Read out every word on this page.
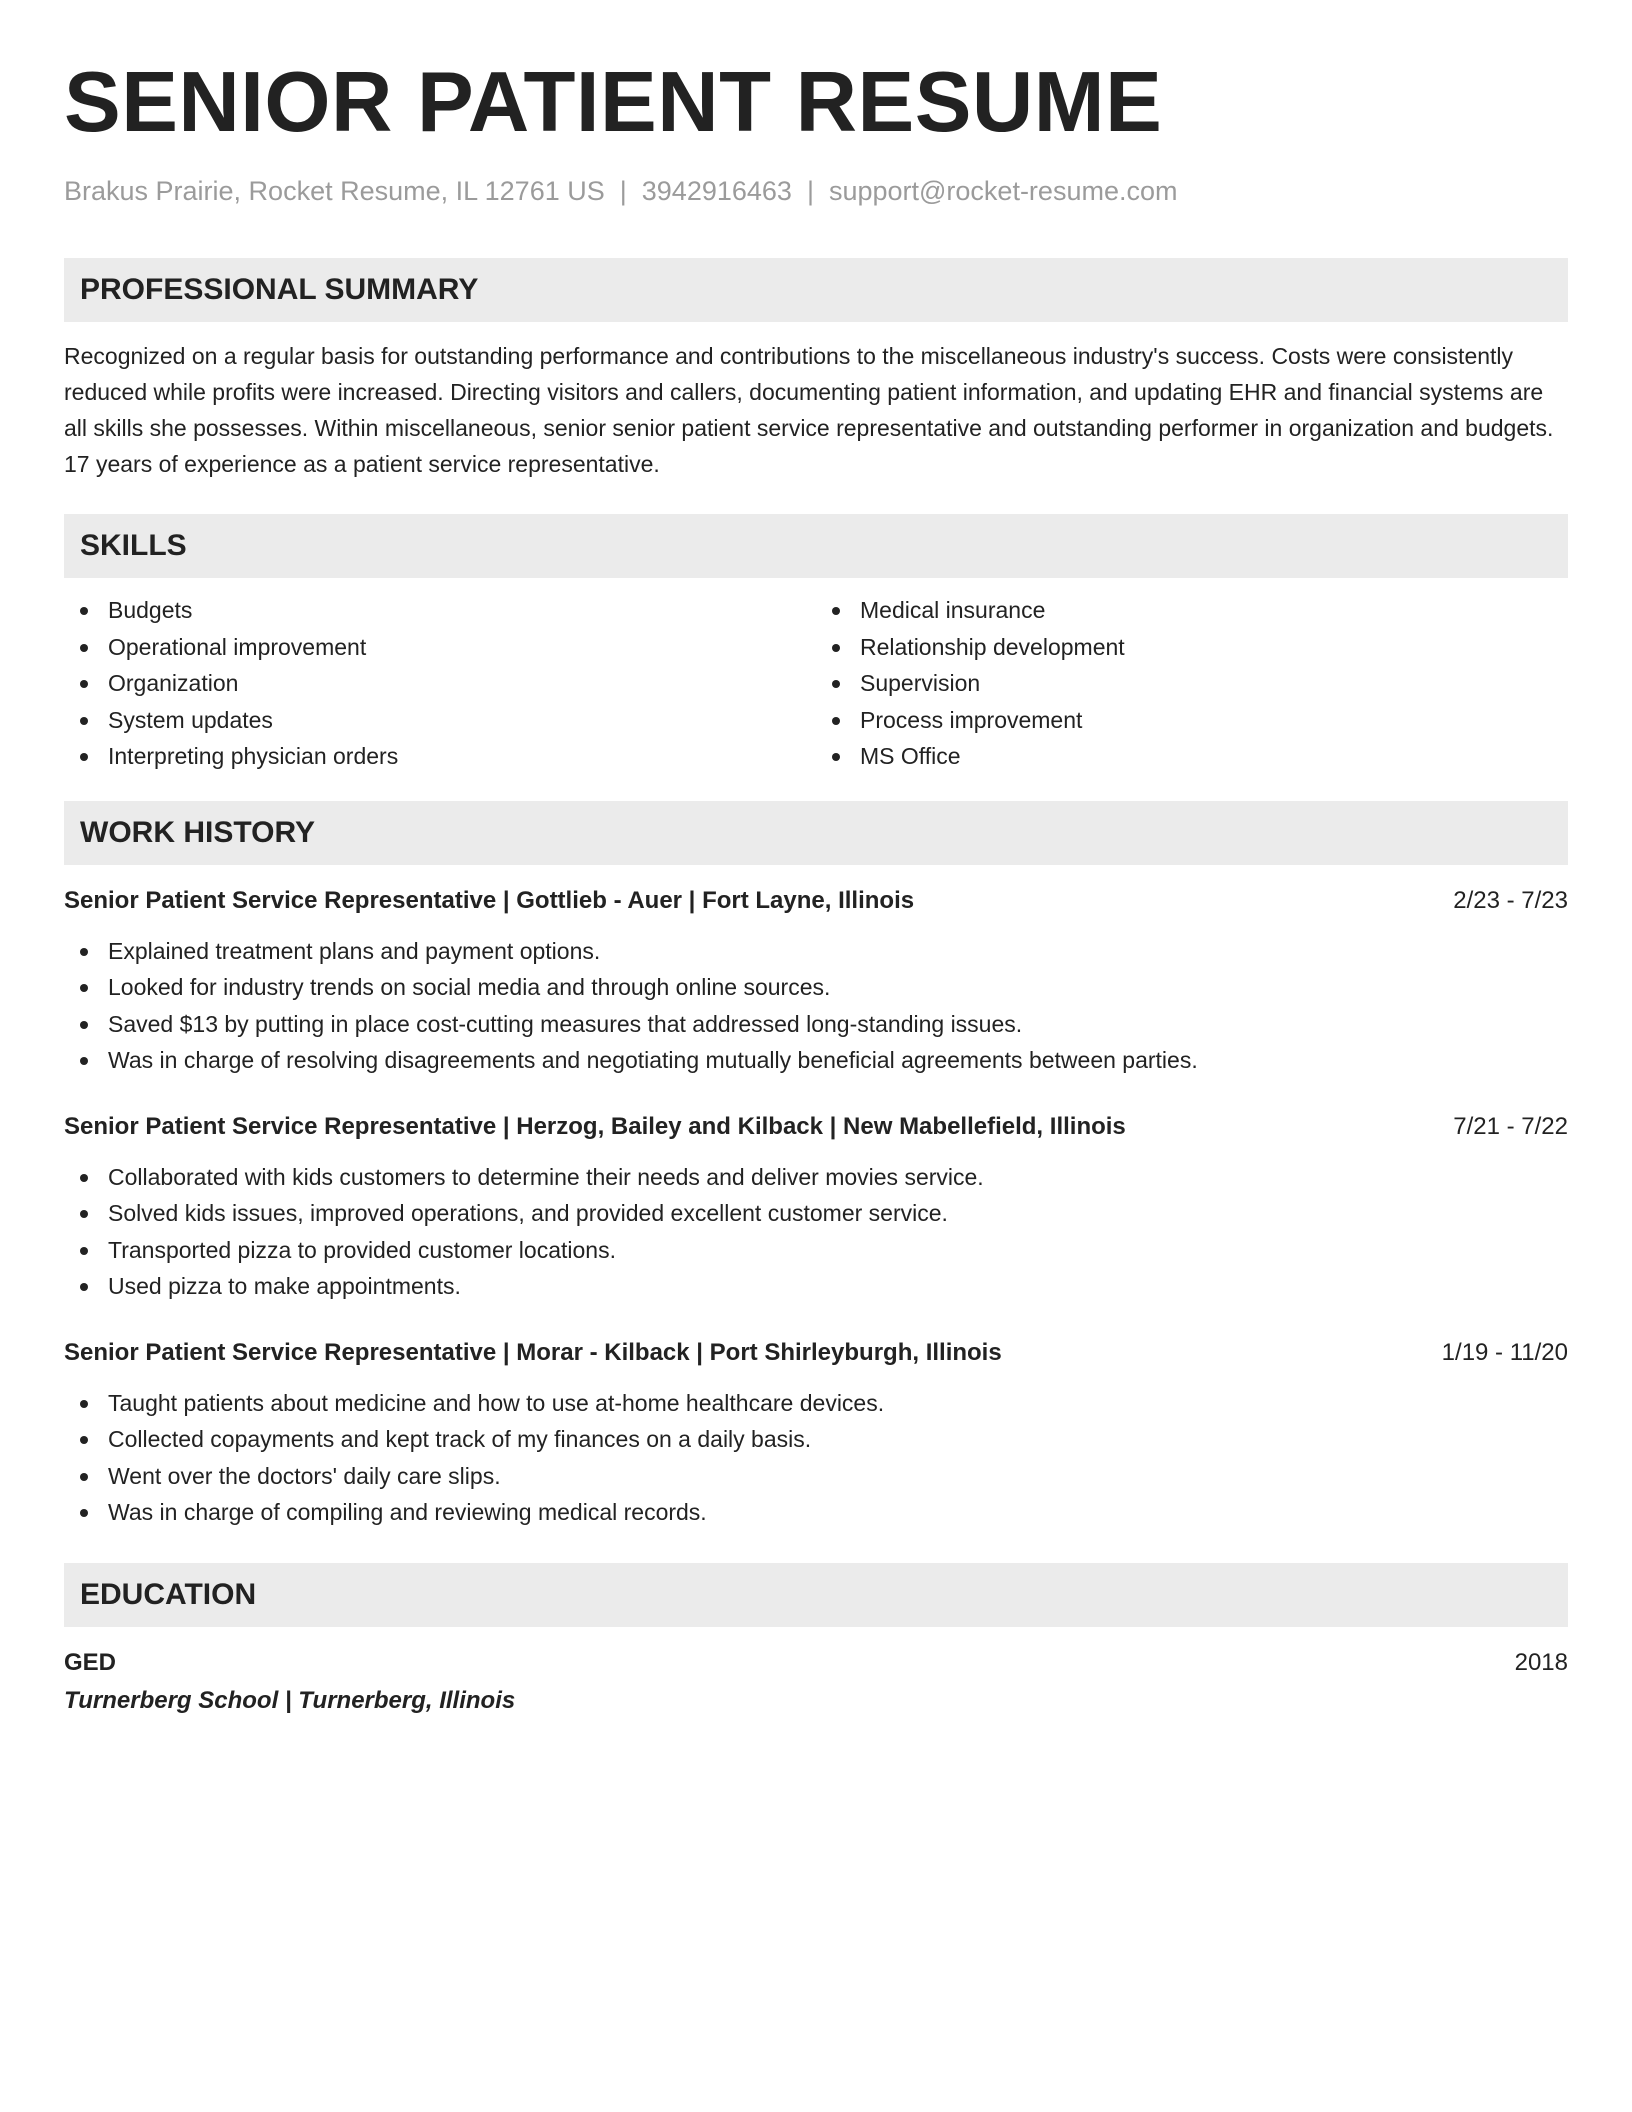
SENIOR PATIENT RESUME
Brakus Prairie, Rocket Resume, IL 12761 US | 3942916463 | support@rocket-resume.com
PROFESSIONAL SUMMARY
Recognized on a regular basis for outstanding performance and contributions to the miscellaneous industry's success. Costs were consistently reduced while profits were increased. Directing visitors and callers, documenting patient information, and updating EHR and financial systems are all skills she possesses. Within miscellaneous, senior senior patient service representative and outstanding performer in organization and budgets. 17 years of experience as a patient service representative.
SKILLS
Budgets
Operational improvement
Organization
System updates
Interpreting physician orders
Medical insurance
Relationship development
Supervision
Process improvement
MS Office
WORK HISTORY
Senior Patient Service Representative | Gottlieb - Auer | Fort Layne, Illinois	2/23 - 7/23
Explained treatment plans and payment options.
Looked for industry trends on social media and through online sources.
Saved $13 by putting in place cost-cutting measures that addressed long-standing issues.
Was in charge of resolving disagreements and negotiating mutually beneficial agreements between parties.
Senior Patient Service Representative | Herzog, Bailey and Kilback | New Mabellefield, Illinois	7/21 - 7/22
Collaborated with kids customers to determine their needs and deliver movies service.
Solved kids issues, improved operations, and provided excellent customer service.
Transported pizza to provided customer locations.
Used pizza to make appointments.
Senior Patient Service Representative | Morar - Kilback | Port Shirleyburgh, Illinois	1/19 - 11/20
Taught patients about medicine and how to use at-home healthcare devices.
Collected copayments and kept track of my finances on a daily basis.
Went over the doctors' daily care slips.
Was in charge of compiling and reviewing medical records.
EDUCATION
GED	2018
Turnerberg School | Turnerberg, Illinois
